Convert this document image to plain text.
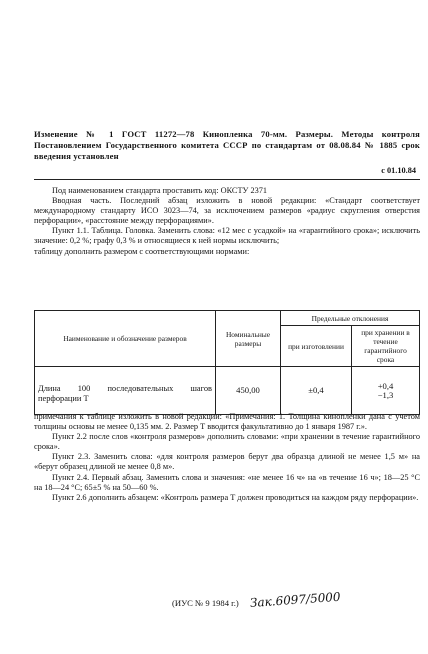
Изменение № 1 ГОСТ 11272—78 Кинопленка 70-мм. Размеры. Методы контроля Постановлением Государственного комитета СССР по стандартам от 08.08.84 № 1885 срок введения установлен
с 01.10.84

Под наименованием стандарта проставить код: ОКСТУ 2371

Вводная часть. Последний абзац изложить в новой редакции: «Стандарт соответствует международному стандарту ИСО 3023—74, за исключением размеров «радиус скругления отверстия перфорации», «расстояние между перфорациями».

Пункт 1.1. Таблица. Головка. Заменить слова: «12 мес с усадкой» на «гарантийного срока»; исключить значение: 0,2 %; графу 0,3 % и относящиеся к ней нормы исключить;

таблицу дополнить размером с соответствующими нормами:

Наименование и обозначение размеров	Номинальные размеры	Предельные отклонения	
		при изготовлении	при хранении в течение гарантийного срока
Длина 100 последовательных шагов перфорации Т	450,00	±0,4	+0,4
−1,3

примечания к таблице изложить в новой редакции: «Примечания: 1. Толщина кинопленки дана с учетом толщины основы не менее 0,135 мм. 2. Размер Т вводится факультативно до 1 января 1987 г.».

Пункт 2.2 после слов «контроля размеров» дополнить словами: «при хранении в течение гарантийного срока».

Пункт 2.3. Заменить слова: «для контроля размеров берут два образца длиной не менее 1,5 м» на «берут образец длиной не менее 0,8 м».

Пункт 2.4. Первый абзац. Заменить слова и значения: «не менее 16 ч» на «в течение 16 ч»; 18—25 °С на 18—24 °С; 65±5 % на 50—60 %.

Пункт 2.6 дополнить абзацем: «Контроль размера Т должен проводиться на каждом ряду перфорации».

(ИУС № 9 1984 г.) Зак.6097/5000
